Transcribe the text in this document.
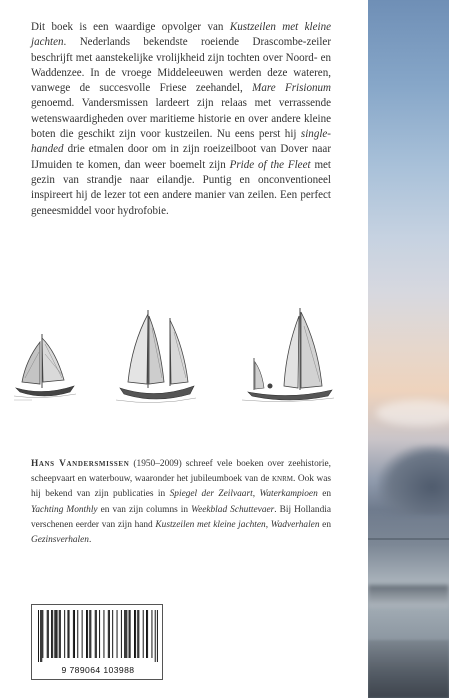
Dit boek is een waardige opvolger van Kustzeilen met kleine jachten. Nederlands bekendste roeiende Drascombe-zeiler beschrijft met aanstekelijke vrolijkheid zijn tochten over Noord- en Waddenzee. In de vroege Middeleeuwen werden deze wateren, vanwege de succesvolle Friese zeehandel, Mare Frisionum genoemd. Vandersmissen lardeert zijn relaas met verrassende wetenswaardigheden over maritieme historie en over andere kleine boten die geschikt zijn voor kustzeilen. Nu eens perst hij single-handed drie etmalen door om in zijn roeizeilboot van Dover naar IJmuiden te komen, dan weer boemelt zijn Pride of the Fleet met gezin van strandje naar eilandje. Puntig en onconventioneel inspireert hij de lezer tot een andere manier van zeilen. Een perfect geneesmiddel voor hydrofobie.

Hans Vandersmissen (1950–2009) schreef vele boeken over zeehistorie, scheepvaart en waterbouw, waaronder het jubileumboek van de knrm. Ook was hij bekend van zijn publicaties in Spiegel der Zeilvaart, Waterkampioen en Yachting Monthly en van zijn columns in Weekblad Schuttevaer. Bij Hollandia verschenen eerder van zijn hand Kustzeilen met kleine jachten, Wadverhalen en Gezinsverhalen.

9 789064 103988
